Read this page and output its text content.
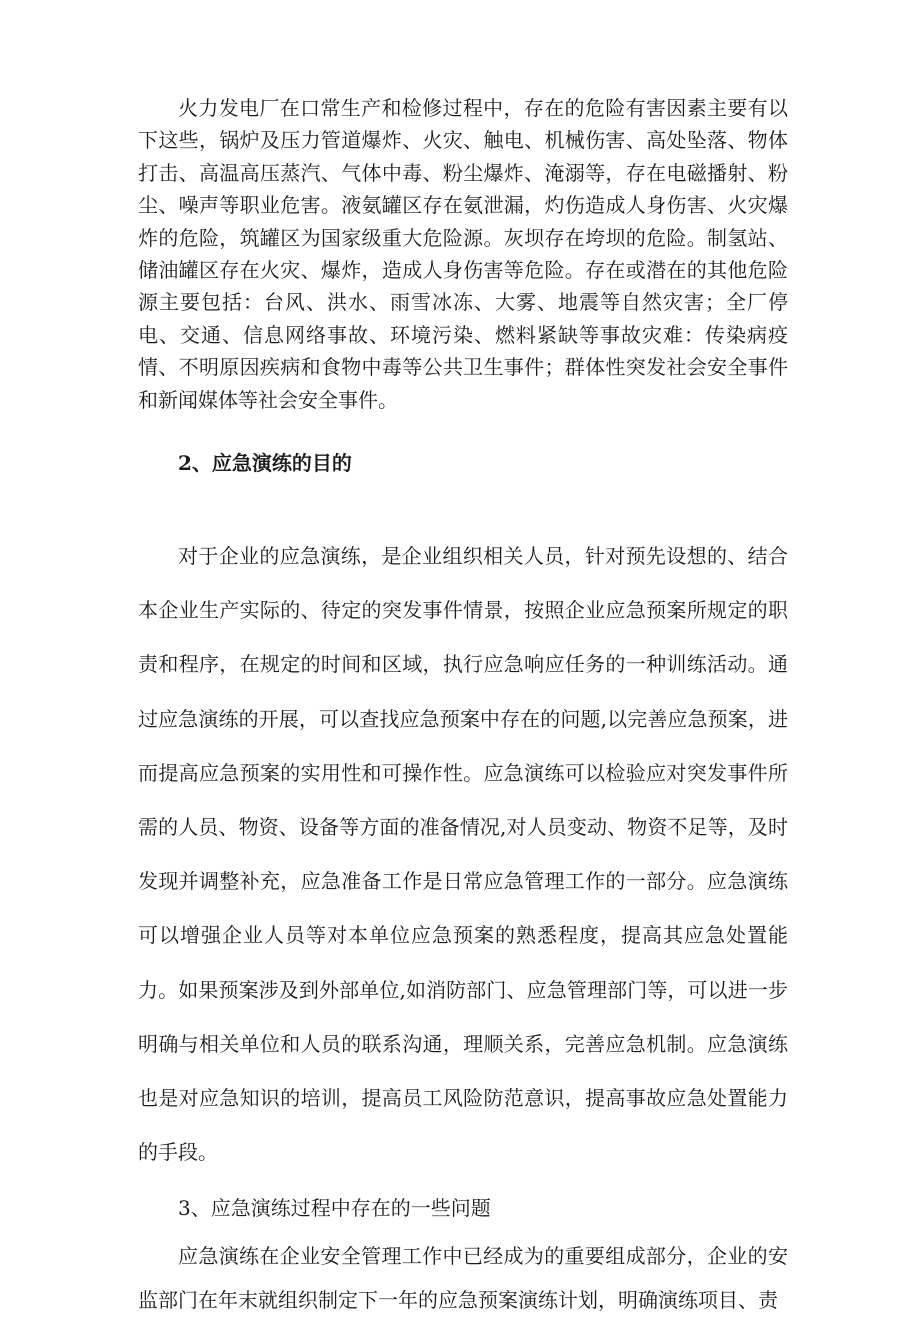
火力发电厂在口常生产和检修过程中，存在的危险有害因素主要有以下这些，锅炉及压力管道爆炸、火灾、触电、机械伤害、高处坠落、物体打击、高温高压蒸汽、气体中毒、粉尘爆炸、淹溺等，存在电磁播射、粉尘、噪声等职业危害。液氨罐区存在氨泄漏，灼伤造成人身伤害、火灾爆炸的危险，筑罐区为国家级重大危险源。灰坝存在垮坝的危险。制氢站、储油罐区存在火灾、爆炸，造成人身伤害等危险。存在或潜在的其他危险源主要包括：台风、洪水、雨雪冰冻、大雾、地震等自然灾害；全厂停电、交通、信息网络事故、环境污染、燃料紧缺等事故灾难：传染病疫情、不明原因疾病和食物中毒等公共卫生事件；群体性突发社会安全事件和新闻媒体等社会安全事件。

2、应急演练的目的

对于企业的应急演练，是企业组织相关人员，针对预先设想的、结合本企业生产实际的、待定的突发事件情景，按照企业应急预案所规定的职责和程序，在规定的时间和区域，执行应急响应任务的一种训练活动。通过应急演练的开展，可以查找应急预案中存在的问题,以完善应急预案，进而提高应急预案的实用性和可操作性。应急演练可以检验应对突发事件所需的人员、物资、设备等方面的准备情况,对人员变动、物资不足等，及时发现并调整补充，应急准备工作是日常应急管理工作的一部分。应急演练可以增强企业人员等对本单位应急预案的熟悉程度，提高其应急处置能力。如果预案涉及到外部单位,如消防部门、应急管理部门等，可以进一步明确与相关单位和人员的联系沟通，理顺关系，完善应急机制。应急演练也是对应急知识的培训，提高员工风险防范意识，提高事故应急处置能力的手段。

3、应急演练过程中存在的一些问题

应急演练在企业安全管理工作中已经成为的重要组成部分，企业的安监部门在年末就组织制定下一年的应急预案演练计划，明确演练项目、责
